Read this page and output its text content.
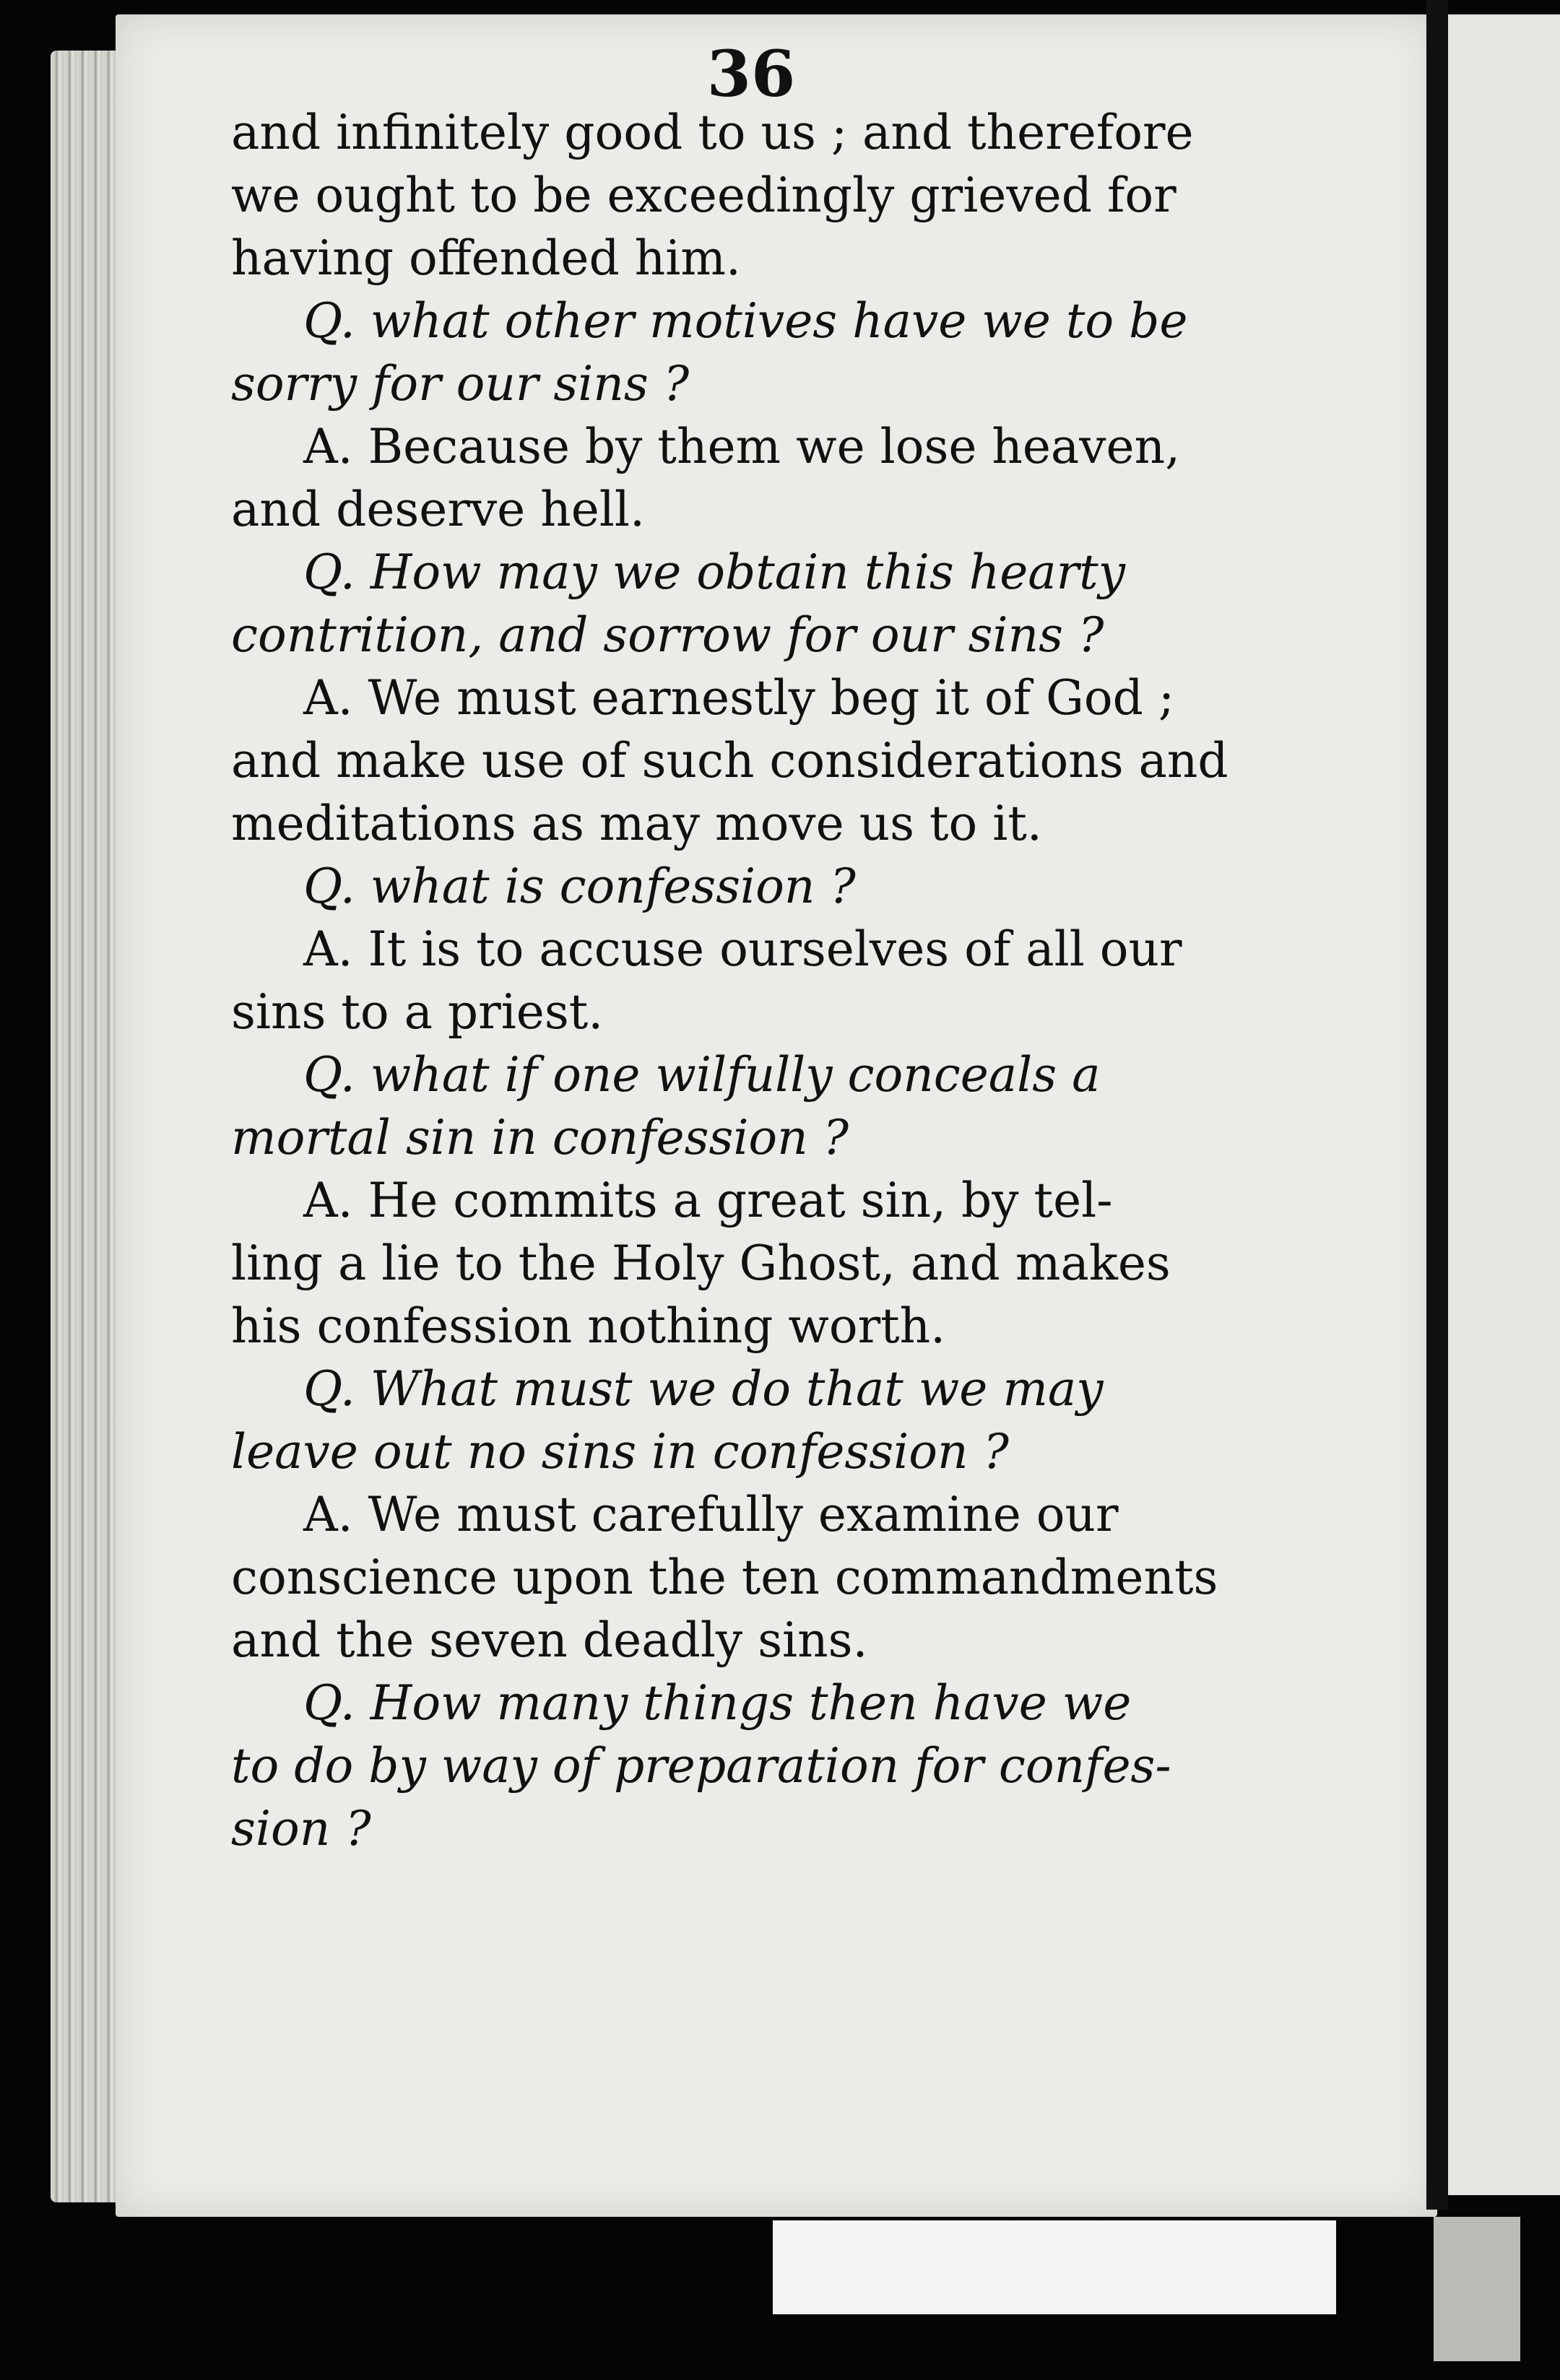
36
and infinitely good to us ; and therefore
we ought to be exceedingly grieved for
having offended him.
Q. what other motives have we to be
sorry for our sins ?
A. Because by them we lose heaven,
and deserve hell.
Q. How may we obtain this hearty
contrition, and sorrow for our sins ?
A. We must earnestly beg it of God ;
and make use of such considerations and
meditations as may move us to it.
Q. what is confession ?
A. It is to accuse ourselves of all our
sins to a priest.
Q. what if one wilfully conceals a
mortal sin in confession ?
A. He commits a great sin, by tel-
ling a lie to the Holy Ghost, and makes
his confession nothing worth.
Q. What must we do that we may
leave out no sins in confession ?
A. We must carefully examine our
conscience upon the ten commandments
and the seven deadly sins.
Q. How many things then have we
to do by way of preparation for confes-
sion ?
